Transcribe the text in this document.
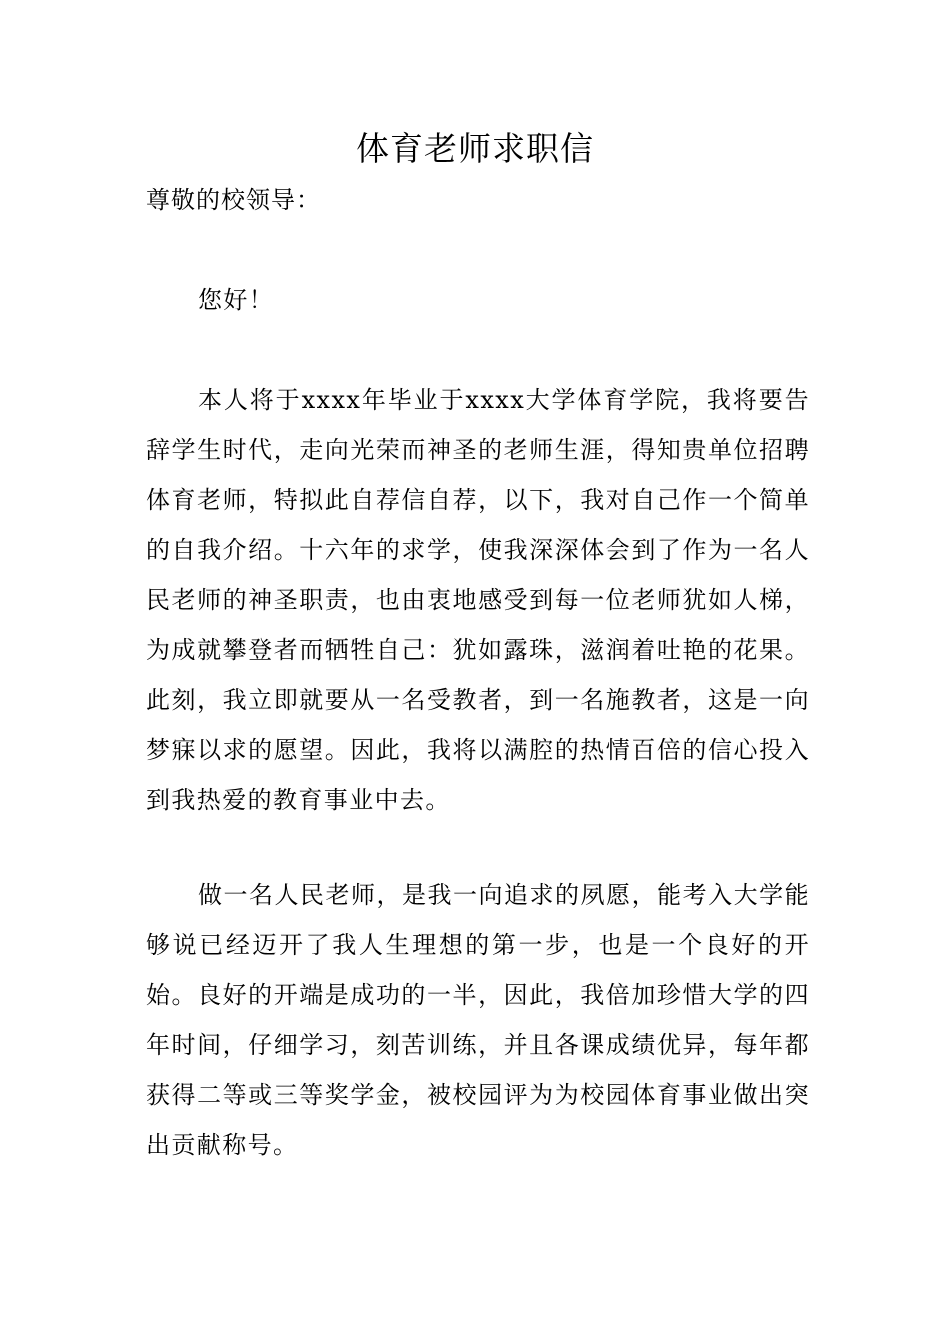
体育老师求职信
尊敬的校领导：

您好！

本人将于xxxx年毕业于xxxx大学体育学院，我将要告辞学生时代，走向光荣而神圣的老师生涯，得知贵单位招聘体育老师，特拟此自荐信自荐，以下，我对自己作一个简单的自我介绍。十六年的求学，使我深深体会到了作为一名人民老师的神圣职责，也由衷地感受到每一位老师犹如人梯，为成就攀登者而牺牲自己：犹如露珠，滋润着吐艳的花果。此刻，我立即就要从一名受教者，到一名施教者，这是一向梦寐以求的愿望。因此，我将以满腔的热情百倍的信心投入到我热爱的教育事业中去。

做一名人民老师，是我一向追求的夙愿，能考入大学能够说已经迈开了我人生理想的第一步，也是一个良好的开始。良好的开端是成功的一半，因此，我倍加珍惜大学的四年时间，仔细学习，刻苦训练，并且各课成绩优异，每年都获得二等或三等奖学金，被校园评为为校园体育事业做出突出贡献称号。
